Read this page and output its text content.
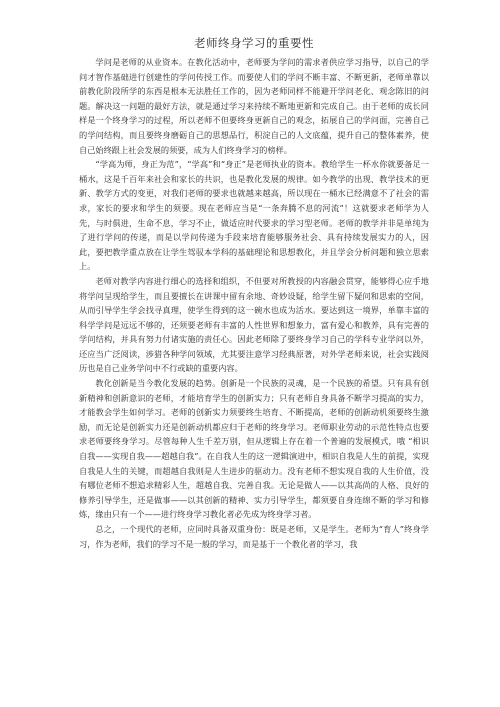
老师终身学习的重要性

学问是老师的从业资本。在教化活动中，老师要为学问的需求者供应学习指导，以自己的学问才智作基础进行创建性的学问传授工作。而要使人们的学问不断丰富、不断更新，老师单靠以前教化阶段所学的东西是根本无法胜任工作的，因为老师同样不能避开学问老化、观念陈旧的问题。解决这一问题的最好方法，就是通过学习来持续不断地更新和完成自己。由于老师的成长同样是一个终身学习的过程，所以老师不但要终身更新自己的观念，拓展自己的学问面，完善自己的学问结构，而且要终身磨砺自己的思想品行，积淀自己的人文底蕴，提升自己的整体素养，使自己始终跟上社会发展的须要，成为人们终身学习的榜样。

“学高为师，身正为范”，“学高”和“身正”是老师执业的资本。教给学生一杯水你就要备足一桶水，这是千百年来社会和家长的共识，也是教化发展的规律。如今教学的出现、教学技术的更新、教学方式的变更，对我们老师的要求也就越来越高，所以现在一桶水已经满意不了社会的需求，家长的要求和学生的须要。现在老师应当是“一条奔腾不息的河流”！这就要求老师学为人先，与时俱进，生命不息，学习不止，做适应时代要求的学习型老师。老师的教学并非是单纯为了进行学问的传递，而是以学问传递为手段来培育能够服务社会、具有持续发展实力的人，因此，要把教学重点放在让学生驾驭本学科的基础理论和思想教化，并且学会分析问题和独立思索上。

老师对教学内容进行细心的选择和组织，不但要对所教授的内容融会贯穿，能够得心应手地将学问呈现给学生，而且要擅长在讲课中留有余地、奇妙设疑，给学生留下疑问和思索的空间，从而引导学生学会找寻真理，使学生得到的这一碗水也成为活水。要达到这一境界，单靠丰富的科学学问是远远不够的，还须要老师有丰富的人性世界和想象力，富有爱心和教养，具有完善的学问结构，并具有努力付诸实施的责任心。因此老师除了要终身学习自己的学科专业学问以外，还应当广泛阅读，涉猎各种学问领域，尤其要注意学习经典原著，对外学老师来说，社会实践阅历也是自己业务学问中不行或缺的重要内容。

教化创新是当今教化发展的趋势。创新是一个民族的灵魂，是一个民族的希望。只有具有创新精神和创新意识的老师，才能培育学生的创新实力；只有老师自身具备不断学习提高的实力，才能教会学生如何学习。老师的创新实力须要终生培育、不断提高，老师的创新动机须要终生激励，而无论是创新实力还是创新动机都应归于老师的终身学习。老师职业劳动的示范性特点也要求老师要终身学习。尽管每种人生千差万别，但从逻辑上存在着一个普遍的发展模式，哦 “相识自我——实现自我——超越自我”。在自我人生的这一逻辑演进中，相识自我是人生的前提，实现自我是人生的关键，而超越自我则是人生进步的驱动力。没有老师不想实现自我的人生价值，没有哪位老师不想追求精彩人生，超越自我、完善自我。无论是做人——以其高尚的人格、良好的修养引导学生，还是做事——以其创新的精神、实力引导学生，都须要自身连绵不断的学习和修炼，缘由只有一个——进行终身学习教化者必先成为终身学习者。

总之，一个现代的老师，应同时具备双重身份：既是老师，又是学生。老师为“育人”终身学习，作为老师，我们的学习不是一般的学习，而是基于一个教化者的学习，我
